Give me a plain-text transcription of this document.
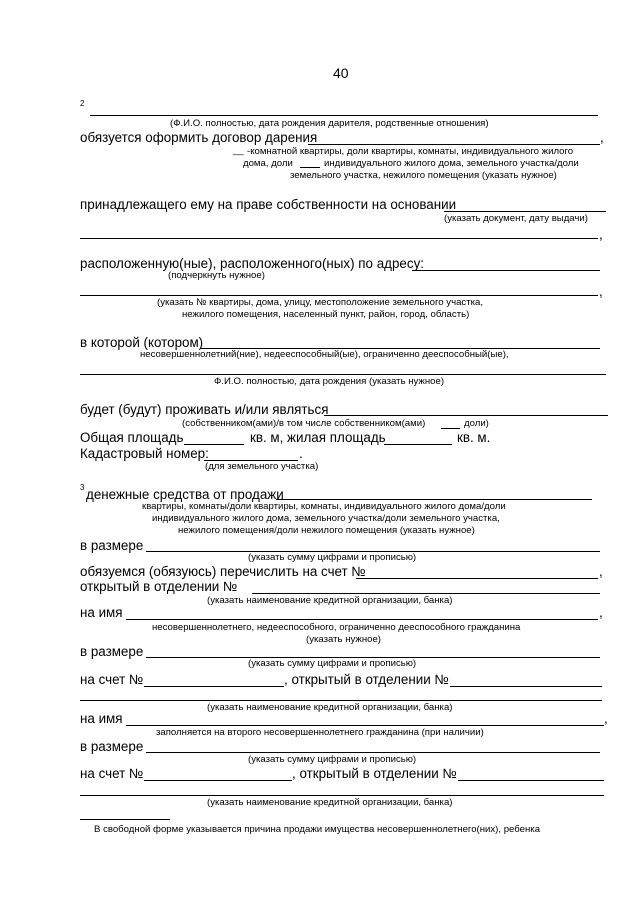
40
2
(Ф.И.О. полностью, дата рождения дарителя, родственные отношения)
обязуется оформить договор дарения	,
__ -комнатной квартиры, доли квартиры, комнаты, индивидуального жилого
дома, доли	индивидуального жилого дома, земельного участка/доли
земельного участка, нежилого помещения (указать нужное)
принадлежащего ему на праве собственности на основании
(указать документ, дату выдачи)
,
расположенную(ные), расположенного(ных) по адресу:
(подчеркнуть нужное)
,
(указать № квартиры, дома, улицу, местоположение земельного участка,
нежилого помещения, населенный пункт, район, город, область)
в которой (котором)
несовершеннолетний(ние), недееспособный(ые), ограниченно дееспособный(ые),
Ф.И.О. полностью, дата рождения (указать нужное)
будет (будут) проживать и/или являться
(собственником(ами)/в том числе собственником(ами)	доли)
Общая площадь	кв. м, жилая площадь	кв. м.
Кадастровый номер:	.
(для земельного участка)
3 денежные средства от продажи
квартиры, комнаты/доли квартиры, комнаты, индивидуального жилого дома/доли
индивидуального жилого дома, земельного участка/доли земельного участка,
нежилого помещения/доли нежилого помещения (указать нужное)
в размере
(указать сумму цифрами и прописью)
обязуемся (обязуюсь) перечислить на счет №	,
открытый в отделении №
(указать наименование кредитной организации, банка)
на имя	,
несовершеннолетнего, недееспособного, ограниченно дееспособного гражданина
(указать нужное)
в размере
(указать сумму цифрами и прописью)
на счет №	, открытый в отделении №
(указать наименование кредитной организации, банка)
на имя	,
заполняется на второго несовершеннолетнего гражданина (при наличии)
в размере
(указать сумму цифрами и прописью)
на счет №	, открытый в отделении №
(указать наименование кредитной организации, банка)
В свободной форме указывается причина продажи имущества несовершеннолетнего(них), ребенка
